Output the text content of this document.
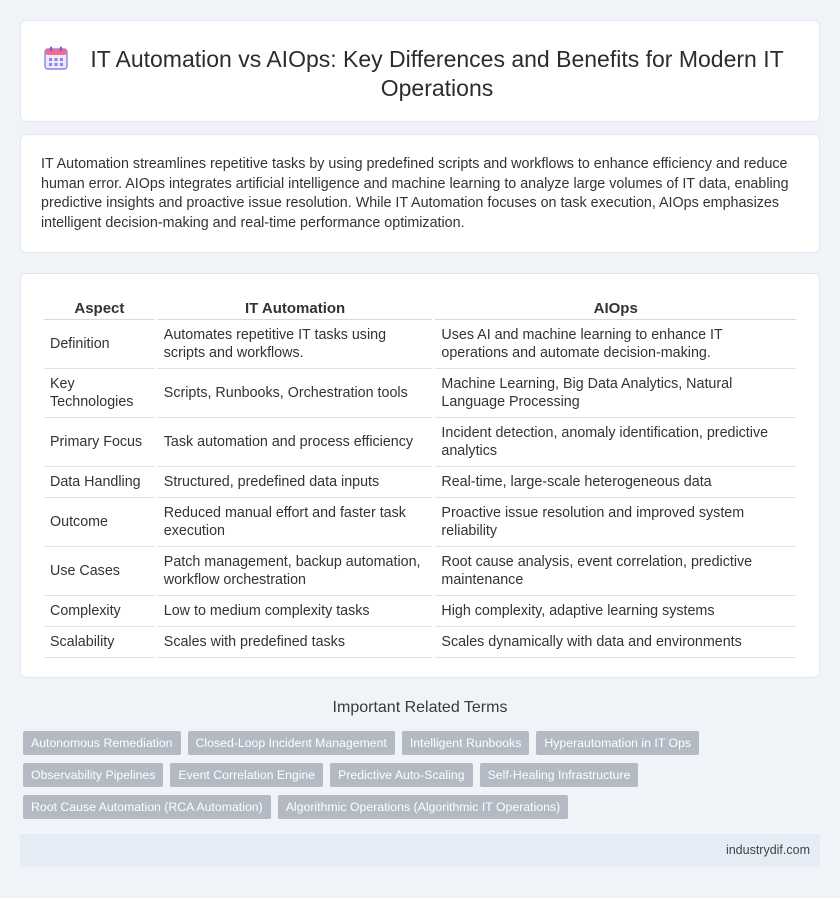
IT Automation vs AIOps: Key Differences and Benefits for Modern IT Operations

IT Automation streamlines repetitive tasks by using predefined scripts and workflows to enhance efficiency and reduce human error. AIOps integrates artificial intelligence and machine learning to analyze large volumes of IT data, enabling predictive insights and proactive issue resolution. While IT Automation focuses on task execution, AIOps emphasizes intelligent decision-making and real-time performance optimization.

Aspect	IT Automation	AIOps
Definition	Automates repetitive IT tasks using scripts and workflows.	Uses AI and machine learning to enhance IT operations and automate decision-making.
Key Technologies	Scripts, Runbooks, Orchestration tools	Machine Learning, Big Data Analytics, Natural Language Processing
Primary Focus	Task automation and process efficiency	Incident detection, anomaly identification, predictive analytics
Data Handling	Structured, predefined data inputs	Real-time, large-scale heterogeneous data
Outcome	Reduced manual effort and faster task execution	Proactive issue resolution and improved system reliability
Use Cases	Patch management, backup automation, workflow orchestration	Root cause analysis, event correlation, predictive maintenance
Complexity	Low to medium complexity tasks	High complexity, adaptive learning systems
Scalability	Scales with predefined tasks	Scales dynamically with data and environments
Important Related Terms
Autonomous Remediation	Closed-Loop Incident Management	Intelligent Runbooks	Hyperautomation in IT Ops
Observability Pipelines	Event Correlation Engine	Predictive Auto-Scaling	Self-Healing Infrastructure
Root Cause Automation (RCA Automation)	Algorithmic Operations (Algorithmic IT Operations)
industrydif.com
